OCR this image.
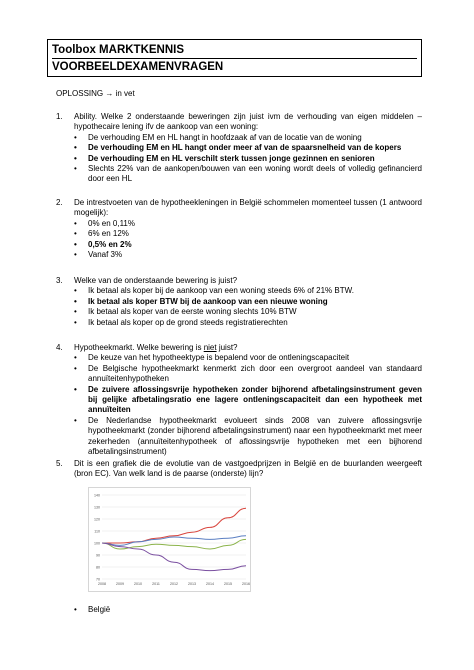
Toolbox MARKTKENNIS
VOORBEELDEXAMENVRAGEN
OPLOSSING → in vet
1.	Ability. Welke 2 onderstaande beweringen zijn juist ivm de verhouding van eigen middelen – hypothecaire lening ifv de aankoop van een woning:
•	De verhouding EM en HL hangt in hoofdzaak af van de locatie van de woning
•	De verhouding EM en HL hangt onder meer af van de spaarsnelheid van de kopers
•	De verhouding EM en HL verschilt sterk tussen jonge gezinnen en senioren
•	Slechts 22% van de aankopen/bouwen van een woning wordt deels of volledig gefinancierd door een HL
2.	De intrestvoeten van de hypotheekleningen in België schommelen momenteel tussen (1 antwoord mogelijk):
•	0% en 0,11%
•	6% en 12%
•	0,5% en 2%
•	Vanaf 3%
3.	Welke van de onderstaande bewering is juist?
•	Ik betaal als koper bij de aankoop van een woning steeds 6% of 21% BTW.
•	Ik betaal als koper BTW bij de aankoop van een nieuwe woning
•	Ik betaal als koper van de eerste woning slechts 10% BTW
•	Ik betaal als koper op de grond steeds registratierechten
4.	Hypotheekmarkt. Welke bewering is niet juist?
•	De keuze van het hypotheektype is bepalend voor de ontleningscapaciteit
•	De Belgische hypotheekmarkt kenmerkt zich door een overgroot aandeel van standaard annuïteitenhypotheken
•	De zuivere aflossingsvrije hypotheken zonder bijhorend afbetalingsinstrument geven bij gelijke afbetalingsratio ene lagere ontleningscapaciteit dan een hypotheek met annuïteiten
•	De Nederlandse hypotheekmarkt evolueert sinds 2008 van zuivere aflossingsvrije hypotheekmarkt (zonder bijhorend afbetalingsinstrument) naar een hypotheekmarkt met meer zekerheden (annuïteitenhypotheek of aflossingsvrije hypotheken met een bijhorend afbetalingsinstrument)
5.	Dit is een grafiek die de evolutie van de vastgoedprijzen in België en de buurlanden weergeeft (bron EC). Van welk land is de paarse (onderste) lijn?
70
80
90
100
110
120
130
140
2008	2009	2010	2011	2012	2013	2014	2015	2016
•	België
